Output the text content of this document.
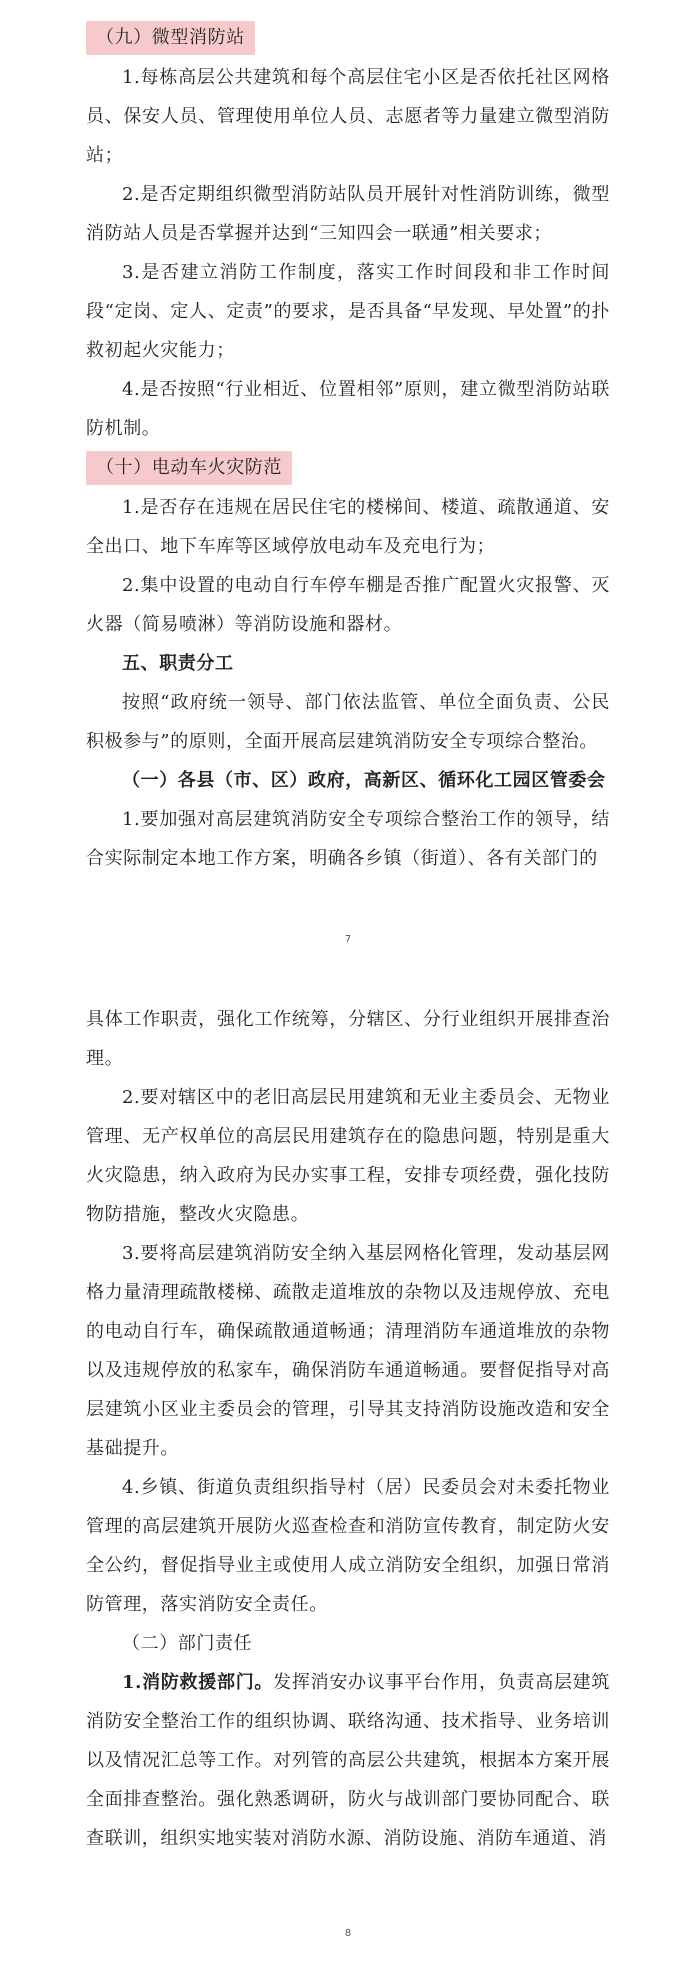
（九）微型消防站

1.每栋高层公共建筑和每个高层住宅小区是否依托社区网格员、保安人员、管理使用单位人员、志愿者等力量建立微型消防站；

2.是否定期组织微型消防站队员开展针对性消防训练，微型消防站人员是否掌握并达到“三知四会一联通”相关要求；

3.是否建立消防工作制度，落实工作时间段和非工作时间段“定岗、定人、定责”的要求，是否具备“早发现、早处置”的扑救初起火灾能力；

4.是否按照“行业相近、位置相邻”原则，建立微型消防站联防机制。

（十）电动车火灾防范

1.是否存在违规在居民住宅的楼梯间、楼道、疏散通道、安全出口、地下车库等区域停放电动车及充电行为；

2.集中设置的电动自行车停车棚是否推广配置火灾报警、灭火器（简易喷淋）等消防设施和器材。

五、职责分工

按照“政府统一领导、部门依法监管、单位全面负责、公民积极参与”的原则，全面开展高层建筑消防安全专项综合整治。

（一）各县（市、区）政府，高新区、循环化工园区管委会

1.要加强对高层建筑消防安全专项综合整治工作的领导，结合实际制定本地工作方案，明确各乡镇（街道）、各有关部门的

7

具体工作职责，强化工作统筹，分辖区、分行业组织开展排查治理。

2.要对辖区中的老旧高层民用建筑和无业主委员会、无物业管理、无产权单位的高层民用建筑存在的隐患问题，特别是重大火灾隐患，纳入政府为民办实事工程，安排专项经费，强化技防物防措施，整改火灾隐患。

3.要将高层建筑消防安全纳入基层网格化管理，发动基层网格力量清理疏散楼梯、疏散走道堆放的杂物以及违规停放、充电的电动自行车，确保疏散通道畅通；清理消防车通道堆放的杂物以及违规停放的私家车，确保消防车通道畅通。要督促指导对高层建筑小区业主委员会的管理，引导其支持消防设施改造和安全基础提升。

4.乡镇、街道负责组织指导村（居）民委员会对未委托物业管理的高层建筑开展防火巡查检查和消防宣传教育，制定防火安全公约，督促指导业主或使用人成立消防安全组织，加强日常消防管理，落实消防安全责任。

（二）部门责任

1.消防救援部门。发挥消安办议事平台作用，负责高层建筑消防安全整治工作的组织协调、联络沟通、技术指导、业务培训以及情况汇总等工作。对列管的高层公共建筑，根据本方案开展全面排查整治。强化熟悉调研，防火与战训部门要协同配合、联查联训，组织实地实装对消防水源、消防设施、消防车通道、消

8
